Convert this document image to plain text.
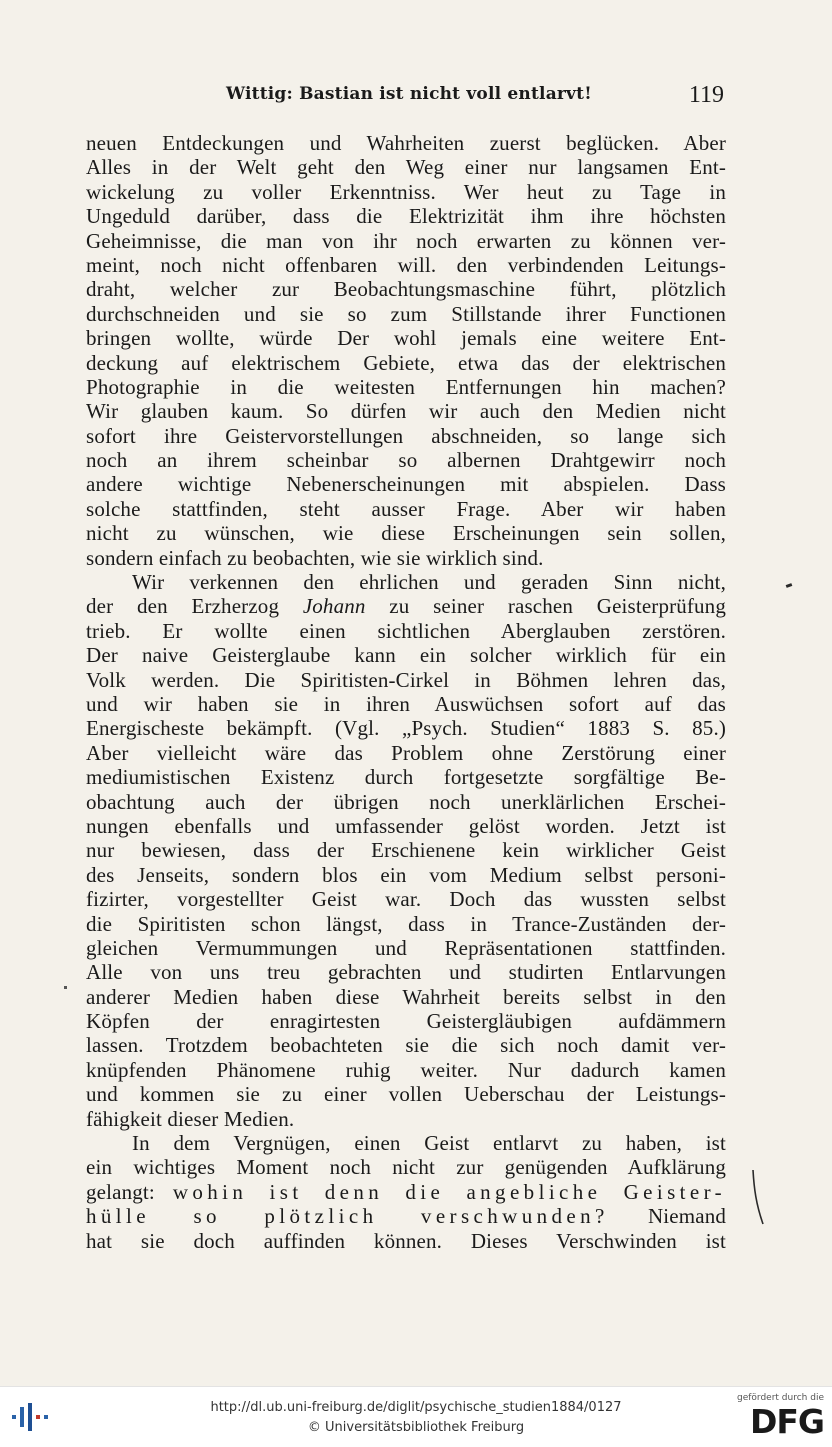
Wittig: Bastian ist nicht voll entlarvt!	119
neuen Entdeckungen und Wahrheiten zuerst beglücken. Aber
Alles in der Welt geht den Weg einer nur langsamen Ent-
wickelung zu voller Erkenntniss. Wer heut zu Tage in
Ungeduld darüber, dass die Elektrizität ihm ihre höchsten
Geheimnisse, die man von ihr noch erwarten zu können ver-
meint, noch nicht offenbaren will. den verbindenden Leitungs-
draht, welcher zur Beobachtungsmaschine führt, plötzlich
durchschneiden und sie so zum Stillstande ihrer Functionen
bringen wollte, würde Der wohl jemals eine weitere Ent-
deckung auf elektrischem Gebiete, etwa das der elektrischen
Photographie in die weitesten Entfernungen hin machen?
Wir glauben kaum. So dürfen wir auch den Medien nicht
sofort ihre Geistervorstellungen abschneiden, so lange sich
noch an ihrem scheinbar so albernen Drahtgewirr noch
andere wichtige Nebenerscheinungen mit abspielen. Dass
solche stattfinden, steht ausser Frage. Aber wir haben
nicht zu wünschen, wie diese Erscheinungen sein sollen,
sondern einfach zu beobachten, wie sie wirklich sind.
Wir verkennen den ehrlichen und geraden Sinn nicht,
der den Erzherzog Johann zu seiner raschen Geisterprüfung
trieb. Er wollte einen sichtlichen Aberglauben zerstören.
Der naive Geisterglaube kann ein solcher wirklich für ein
Volk werden. Die Spiritisten-Cirkel in Böhmen lehren das,
und wir haben sie in ihren Auswüchsen sofort auf das
Energischeste bekämpft. (Vgl. „Psych. Studien“ 1883 S. 85.)
Aber vielleicht wäre das Problem ohne Zerstörung einer
mediumistischen Existenz durch fortgesetzte sorgfältige Be-
obachtung auch der übrigen noch unerklärlichen Erschei-
nungen ebenfalls und umfassender gelöst worden. Jetzt ist
nur bewiesen, dass der Erschienene kein wirklicher Geist
des Jenseits, sondern blos ein vom Medium selbst personi-
fizirter, vorgestellter Geist war. Doch das wussten selbst
die Spiritisten schon längst, dass in Trance-Zuständen der-
gleichen Vermummungen und Repräsentationen stattfinden.
Alle von uns treu gebrachten und studirten Entlarvungen
anderer Medien haben diese Wahrheit bereits selbst in den
Köpfen der enragirtesten Geistergläubigen aufdämmern
lassen. Trotzdem beobachteten sie die sich noch damit ver-
knüpfenden Phänomene ruhig weiter. Nur dadurch kamen
und kommen sie zu einer vollen Ueberschau der Leistungs-
fähigkeit dieser Medien.
In dem Vergnügen, einen Geist entlarvt zu haben, ist
ein wichtiges Moment noch nicht zur genügenden Aufklärung
gelangt: wohin ist denn die angebliche Geister-
hülle so plötzlich verschwunden? Niemand
hat sie doch auffinden können. Dieses Verschwinden ist
http://dl.ub.uni-freiburg.de/diglit/psychische_studien1884/0127
© Universitätsbibliothek Freiburg
gefördert durch die
DFG
